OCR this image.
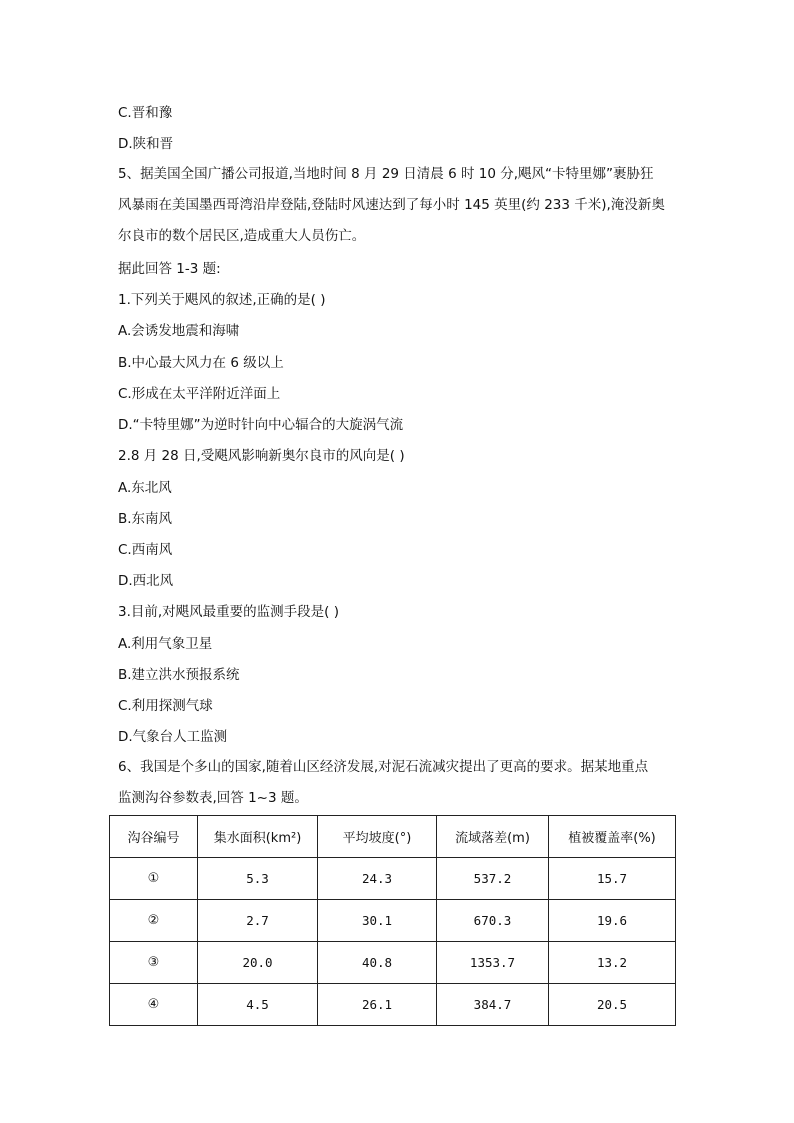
C.晋和豫
D.陕和晋
5、据美国全国广播公司报道,当地时间 8 月 29 日清晨 6 时 10 分,飓风“卡特里娜”裹胁狂
风暴雨在美国墨西哥湾沿岸登陆,登陆时风速达到了每小时 145 英里(约 233 千米),淹没新奥
尔良市的数个居民区,造成重大人员伤亡。
据此回答 1-3 题:
1.下列关于飓风的叙述,正确的是( )
A.会诱发地震和海啸
B.中心最大风力在 6 级以上
C.形成在太平洋附近洋面上
D.“卡特里娜”为逆时针向中心辐合的大旋涡气流
2.8 月 28 日,受飓风影响新奥尔良市的风向是( )
A.东北风
B.东南风
C.西南风
D.西北风
3.目前,对飓风最重要的监测手段是( )
A.利用气象卫星
B.建立洪水预报系统
C.利用探测气球
D.气象台人工监测
6、我国是个多山的国家,随着山区经济发展,对泥石流减灾提出了更高的要求。据某地重点
监测沟谷参数表,回答 1~3 题。
沟谷编号	集水面积(km²)	平均坡度(°)	流域落差(m)	植被覆盖率(%)
①	5.3	24.3	537.2	15.7
②	2.7	30.1	670.3	19.6
③	20.0	40.8	1353.7	13.2
④	4.5	26.1	384.7	20.5
